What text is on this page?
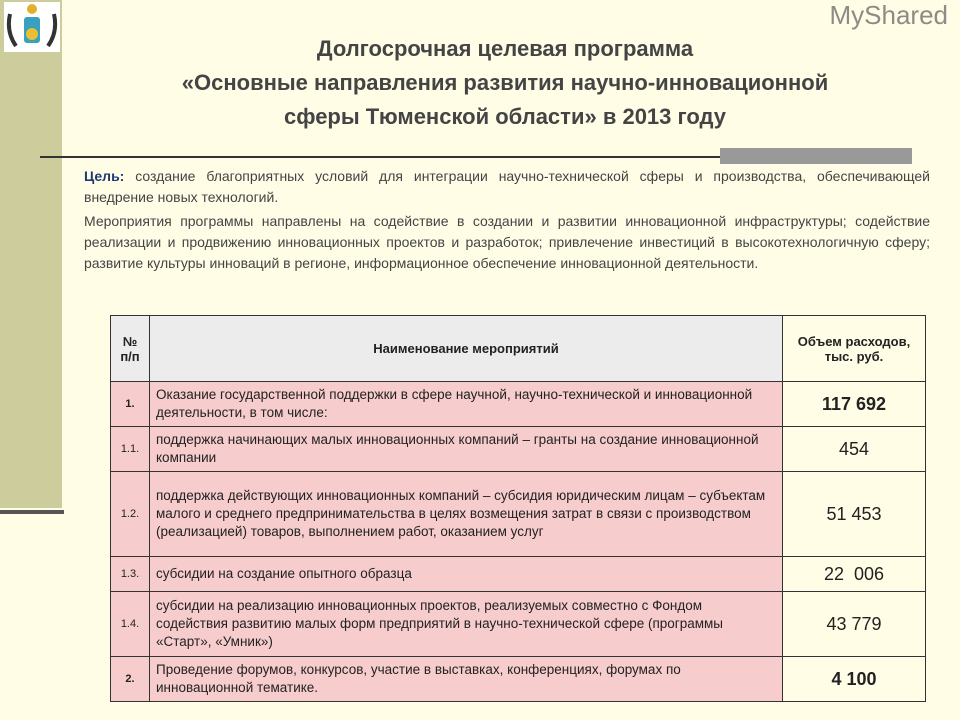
Долгосрочная целевая программа
«Основные направления развития научно-инновационной
сферы Тюменской области» в 2013 году
Цель: создание благоприятных условий для интеграции научно-технической сферы и производства, обеспечивающей внедрение новых технологий.
Мероприятия программы направлены на содействие в создании и развитии инновационной инфраструктуры; содействие реализации и продвижению инновационных проектов и разработок; привлечение инвестиций в высокотехнологичную сферу; развитие культуры инноваций в регионе, информационное обеспечение инновационной деятельности.
№ п/п	Наименование мероприятий	Объем расходов, тыс. руб.
1.	Оказание государственной поддержки в сфере научной, научно-технической и инновационной деятельности, в том числе:	117 692
1.1.	поддержка начинающих малых инновационных компаний – гранты на создание инновационной компании	454
1.2.	поддержка действующих инновационных компаний – субсидия юридическим лицам – субъектам малого и среднего предпринимательства в целях возмещения затрат в связи с производством (реализацией) товаров, выполнением работ, оказанием услуг	51 453
1.3.	субсидии на создание опытного образца	22  006
1.4.	субсидии на реализацию инновационных проектов, реализуемых совместно с Фондом содействия развитию малых форм предприятий в научно-технической сфере (программы «Старт», «Умник»)	43 779
2.	Проведение форумов, конкурсов, участие в выставках, конференциях, форумах по инновационной тематике.	4 100
MyShared
